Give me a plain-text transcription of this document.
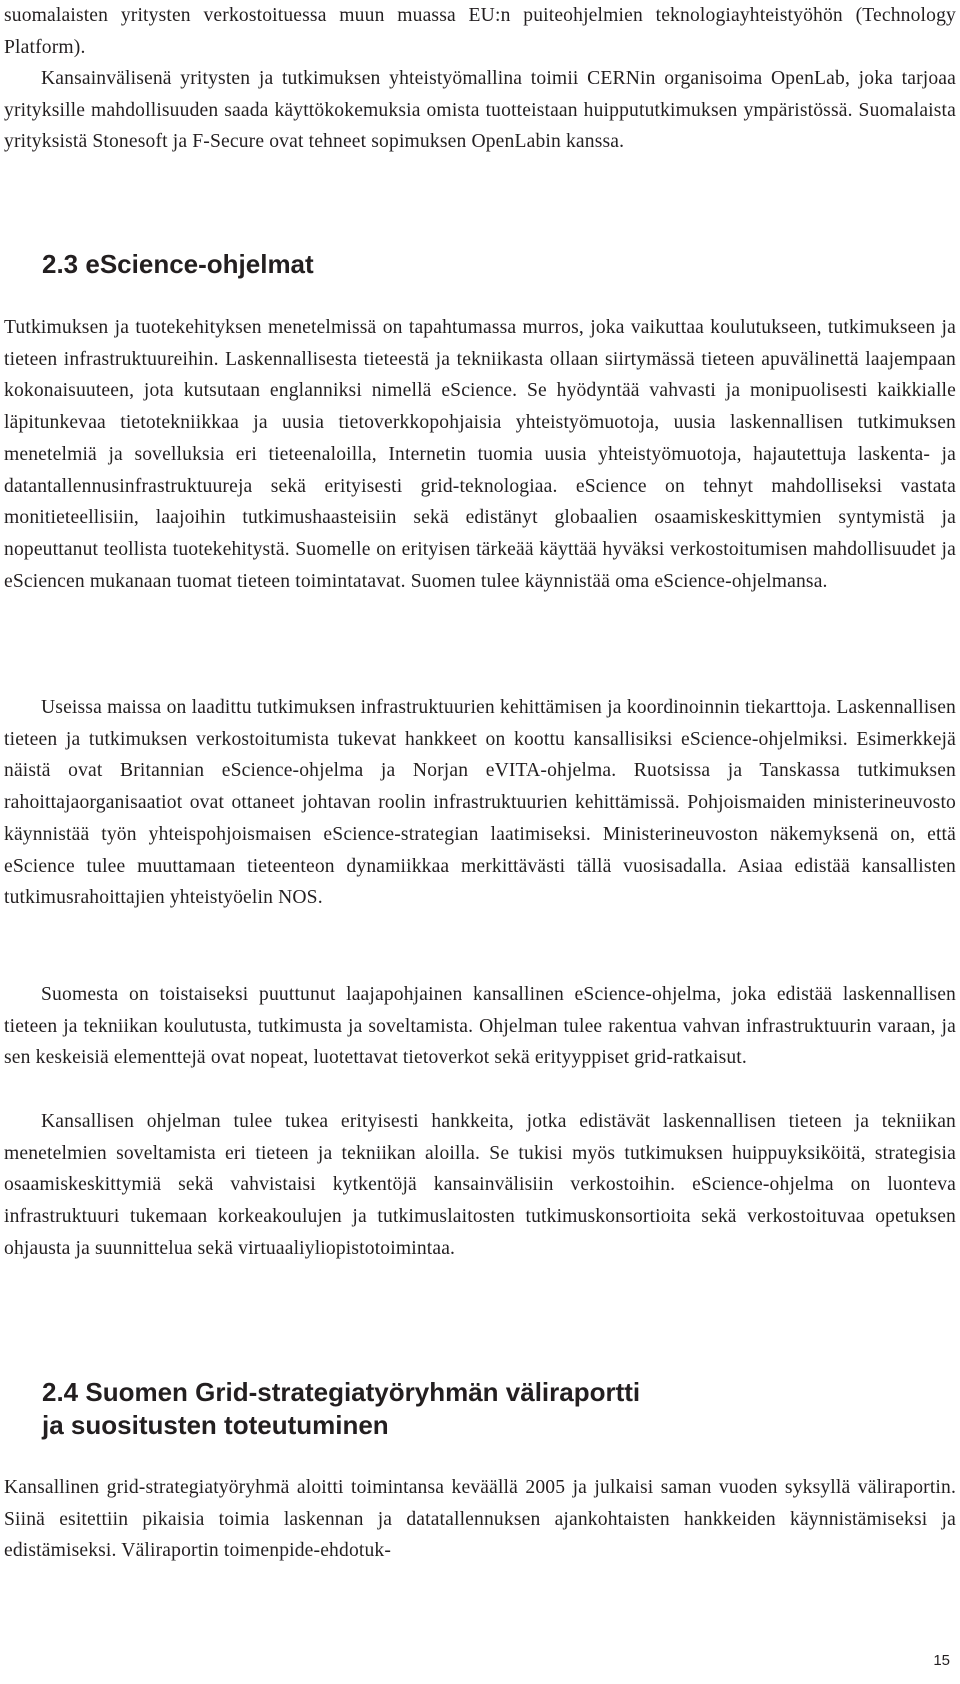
suomalaisten yritysten verkostoituessa muun muassa EU:n puiteohjelmien teknologiayhteistyöhön (Technology Platform).

Kansainvälisenä yritysten ja tutkimuksen yhteistyömallina toimii CERNin organisoima OpenLab, joka tarjoaa yrityksille mahdollisuuden saada käyttökokemuksia omista tuotteistaan huippututkimuksen ympäristössä. Suomalaista yrityksistä Stonesoft ja F-Secure ovat tehneet sopimuksen OpenLabin kanssa.

2.3 eScience-ohjelmat

Tutkimuksen ja tuotekehityksen menetelmissä on tapahtumassa murros, joka vaikuttaa koulutukseen, tutkimukseen ja tieteen infrastruktuureihin. Laskennallisesta tieteestä ja tekniikasta ollaan siirtymässä tieteen apuvälinettä laajempaan kokonaisuuteen, jota kutsutaan englanniksi nimellä eScience. Se hyödyntää vahvasti ja monipuolisesti kaikkialle läpitunkevaa tietotekniikkaa ja uusia tietoverkkopohjaisia yhteistyömuotoja, uusia laskennallisen tutkimuksen menetelmiä ja sovelluksia eri tieteenaloilla, Internetin tuomia uusia yhteistyömuotoja, hajautettuja laskenta- ja datantallennusinfrastruktuureja sekä erityisesti grid-teknologiaa. eScience on tehnyt mahdolliseksi vastata monitieteellisiin, laajoihin tutkimushaasteisiin sekä edistänyt globaalien osaamiskeskittymien syntymistä ja nopeuttanut teollista tuotekehitystä. Suomelle on erityisen tärkeää käyttää hyväksi verkostoitumisen mahdollisuudet ja eSciencen mukanaan tuomat tieteen toimintatavat. Suomen tulee käynnistää oma eScience-ohjelmansa.

Useissa maissa on laadittu tutkimuksen infrastruktuurien kehittämisen ja koordinoinnin tiekarttoja. Laskennallisen tieteen ja tutkimuksen verkostoitumista tukevat hankkeet on koottu kansallisiksi eScience-ohjelmiksi. Esimerkkejä näistä ovat Britannian eScience-ohjelma ja Norjan eVITA-ohjelma. Ruotsissa ja Tanskassa tutkimuksen rahoittajaorganisaatiot ovat ottaneet johtavan roolin infrastruktuurien kehittämissä. Pohjoismaiden ministerineuvosto käynnistää työn yhteispohjoismaisen eScience-strategian laatimiseksi. Ministerineuvoston näkemyksenä on, että eScience tulee muuttamaan tieteenteon dynamiikkaa merkittävästi tällä vuosisadalla. Asiaa edistää kansallisten tutkimusrahoittajien yhteistyöelin NOS.

Suomesta on toistaiseksi puuttunut laajapohjainen kansallinen eScience-ohjelma, joka edistää laskennallisen tieteen ja tekniikan koulutusta, tutkimusta ja soveltamista. Ohjelman tulee rakentua vahvan infrastruktuurin varaan, ja sen keskeisiä elementtejä ovat nopeat, luotettavat tietoverkot sekä erityyppiset grid-ratkaisut.

Kansallisen ohjelman tulee tukea erityisesti hankkeita, jotka edistävät laskennallisen tieteen ja tekniikan menetelmien soveltamista eri tieteen ja tekniikan aloilla. Se tukisi myös tutkimuksen huippuyksiköitä, strategisia osaamiskeskittymiä sekä vahvistaisi kytkentöjä kansainvälisiin verkostoihin. eScience-ohjelma on luonteva infrastruktuuri tukemaan korkeakoulujen ja tutkimuslaitosten tutkimuskonsortioita sekä verkostoituvaa opetuksen ohjausta ja suunnittelua sekä virtuaaliyliopistotoimintaa.

2.4 Suomen Grid-strategiatyöryhmän väliraportti
ja suositusten toteutuminen

Kansallinen grid-strategiatyöryhmä aloitti toimintansa keväällä 2005 ja julkaisi saman vuoden syksyllä väliraportin. Siinä esitettiin pikaisia toimia laskennan ja datatallennuksen ajankohtaisten hankkeiden käynnistämiseksi ja edistämiseksi. Väliraportin toimenpide-ehdotuk-

15
